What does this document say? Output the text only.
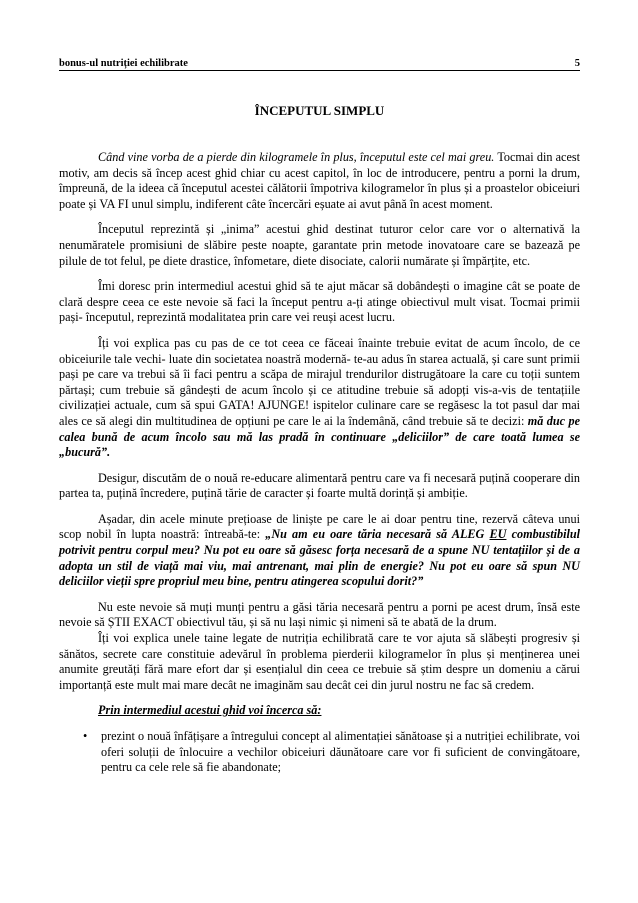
bonus-ul nutriției echilibrate	5
ÎNCEPUTUL SIMPLU

Când vine vorba de a pierde din kilogramele în plus, începutul este cel mai greu. Tocmai din acest motiv, am decis să încep acest ghid chiar cu acest capitol, în loc de introducere, pentru a porni la drum, împreună, de la ideea că începutul acestei călătorii împotriva kilogramelor în plus și a proastelor obiceiuri poate și VA FI unul simplu, indiferent câte încercări eșuate ai avut până în acest moment.

Începutul reprezintă și „inima” acestui ghid destinat tuturor celor care vor o alternativă la nenumăratele promisiuni de slăbire peste noapte, garantate prin metode inovatoare care se bazează pe pilule de tot felul, pe diete drastice, înfometare, diete disociate, calorii numărate și împărțite, etc.

Îmi doresc prin intermediul acestui ghid să te ajut măcar să dobândești o imagine cât se poate de clară despre ceea ce este nevoie să faci la început pentru a-ți atinge obiectivul mult visat. Tocmai primii pași- începutul, reprezintă modalitatea prin care vei reuși acest lucru.

Îți voi explica pas cu pas de ce tot ceea ce făceai înainte trebuie evitat de acum încolo, de ce obiceiurile tale vechi- luate din societatea noastră modernă- te-au adus în starea actuală, și care sunt primii pași pe care va trebui să îi faci pentru a scăpa de mirajul trendurilor distrugătoare la care cu toții suntem părtași; cum trebuie să gândești de acum încolo și ce atitudine trebuie să adopți vis-a-vis de tentațiile civilizației actuale, cum să spui GATA! AJUNGE! ispitelor culinare care se regăsesc la tot pasul dar mai ales ce să alegi din multitudinea de opțiuni pe care le ai la îndemână, când trebuie să te decizi: mă duc pe calea bună de acum încolo sau mă las pradă în continuare „deliciilor” de care toată lumea se „bucură”.

Desigur, discutăm de o nouă re-educare alimentară pentru care va fi necesară puțină cooperare din partea ta, puțină încredere, puțină tărie de caracter și foarte multă dorință și ambiție.

Așadar, din acele minute prețioase de liniște pe care le ai doar pentru tine, rezervă câteva unui scop nobil în lupta noastră: întreabă-te: „Nu am eu oare tăria necesară să ALEG EU combustibilul potrivit pentru corpul meu? Nu pot eu oare să găsesc forța necesară de a spune NU tentațiilor și de a adopta un stil de viață mai viu, mai antrenant, mai plin de energie? Nu pot eu oare să spun NU deliciilor vieții spre propriul meu bine, pentru atingerea scopului dorit?”

Nu este nevoie să muți munți pentru a găsi tăria necesară pentru a porni pe acest drum, însă este nevoie să ȘTII EXACT obiectivul tău, și să nu lași nimic și nimeni să te abată de la drum.

Îți voi explica unele taine legate de nutriția echilibrată care te vor ajuta să slăbești progresiv și sănătos, secrete care constituie adevărul în problema pierderii kilogramelor în plus și menținerea unei anumite greutăți fără mare efort dar și esențialul din ceea ce trebuie să știm despre un domeniu a cărui importanță este mult mai mare decât ne imaginăm sau decât cei din jurul nostru ne fac să credem.

Prin intermediul acestui ghid voi încerca să:
• prezint o nouă înfățișare a întregului concept al alimentației sănătoase și a nutriției echilibrate, voi oferi soluții de înlocuire a vechilor obiceiuri dăunătoare care vor fi suficient de convingătoare, pentru ca cele rele să fie abandonate;
